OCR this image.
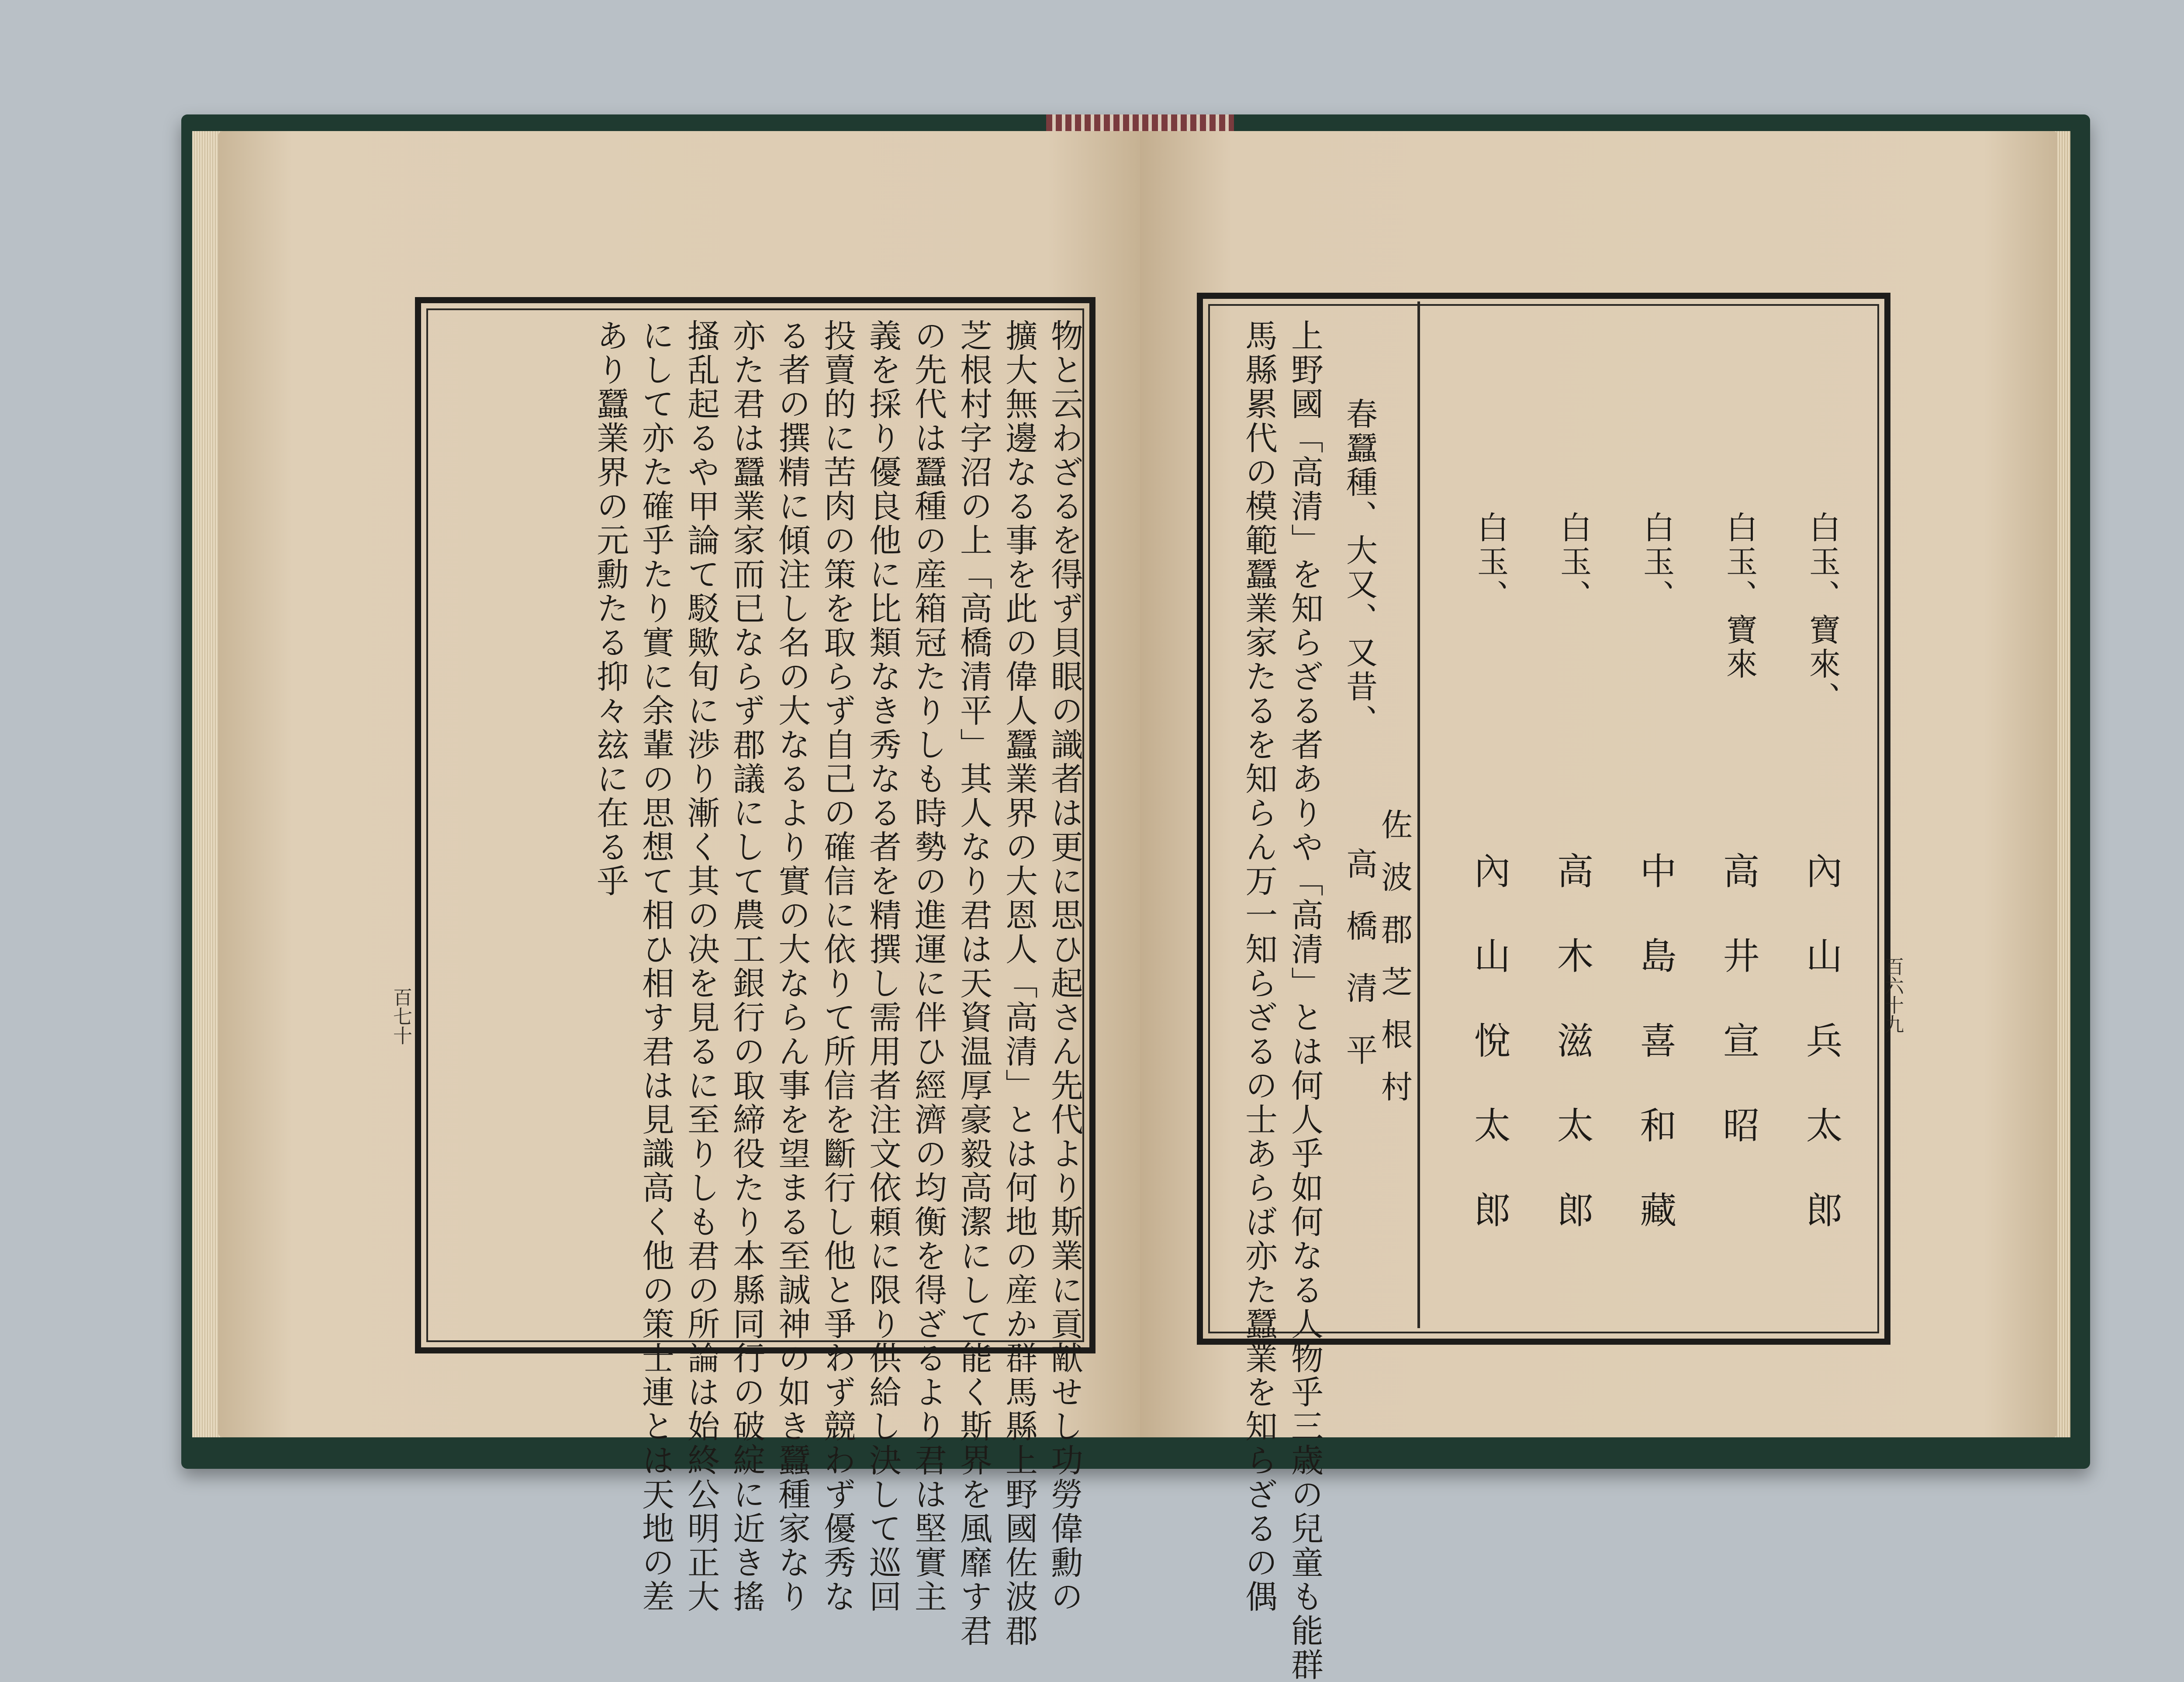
物と云わざるを得ず貝眼の識者は更に思ひ起さん先代より斯業に貢献せし功勞偉勳の
擴大無邊なる事を此の偉人蠶業界の大恩人「高清」とは何地の産か群馬縣上野國佐波郡
芝根村字沼の上「高橋清平」其人なり君は天資温厚豪毅高潔にして能く斯界を風靡す君
の先代は蠶種の産箱冠たりしも時勢の進運に伴ひ經濟の均衡を得ざるより君は堅實主
義を採り優良他に比類なき秀なる者を精撰し需用者注文依頼に限り供給し決して巡回
投賣的に苦肉の策を取らず自己の確信に依りて所信を斷行し他と爭わず競わず優秀な
る者の撰精に傾注し名の大なるより實の大ならん事を望まる至誠神の如き蠶種家なり
亦た君は蠶業家而已ならず郡議にして農工銀行の取締役たり本縣同行の破綻に近き搖
搔乱起るや甲論て駁歟旬に渉り漸く其の决を見るに至りしも君の所論は始終公明正大
にして亦た確乎たり實に余輩の思想て相ひ相す君は見識高く他の策士連とは天地の差
あり蠶業界の元勳たる抑々玆に在る乎
百七十	百六十九
白玉、寶來、
內山兵太郎
白玉、寶來
高井宣昭
白玉、
中島喜和藏
白玉、
高木滋太郎
白玉、
內山悅太郎
春蠶種、大又、又昔、
佐波郡芝根村
高橋清平
上野國「高清」を知らざる者ありや「高清」とは何人乎如何なる人物乎三歳の兒童も能群
馬縣累代の模範蠶業家たるを知らん万一知らざるの士あらば亦た蠶業を知らざるの偶
